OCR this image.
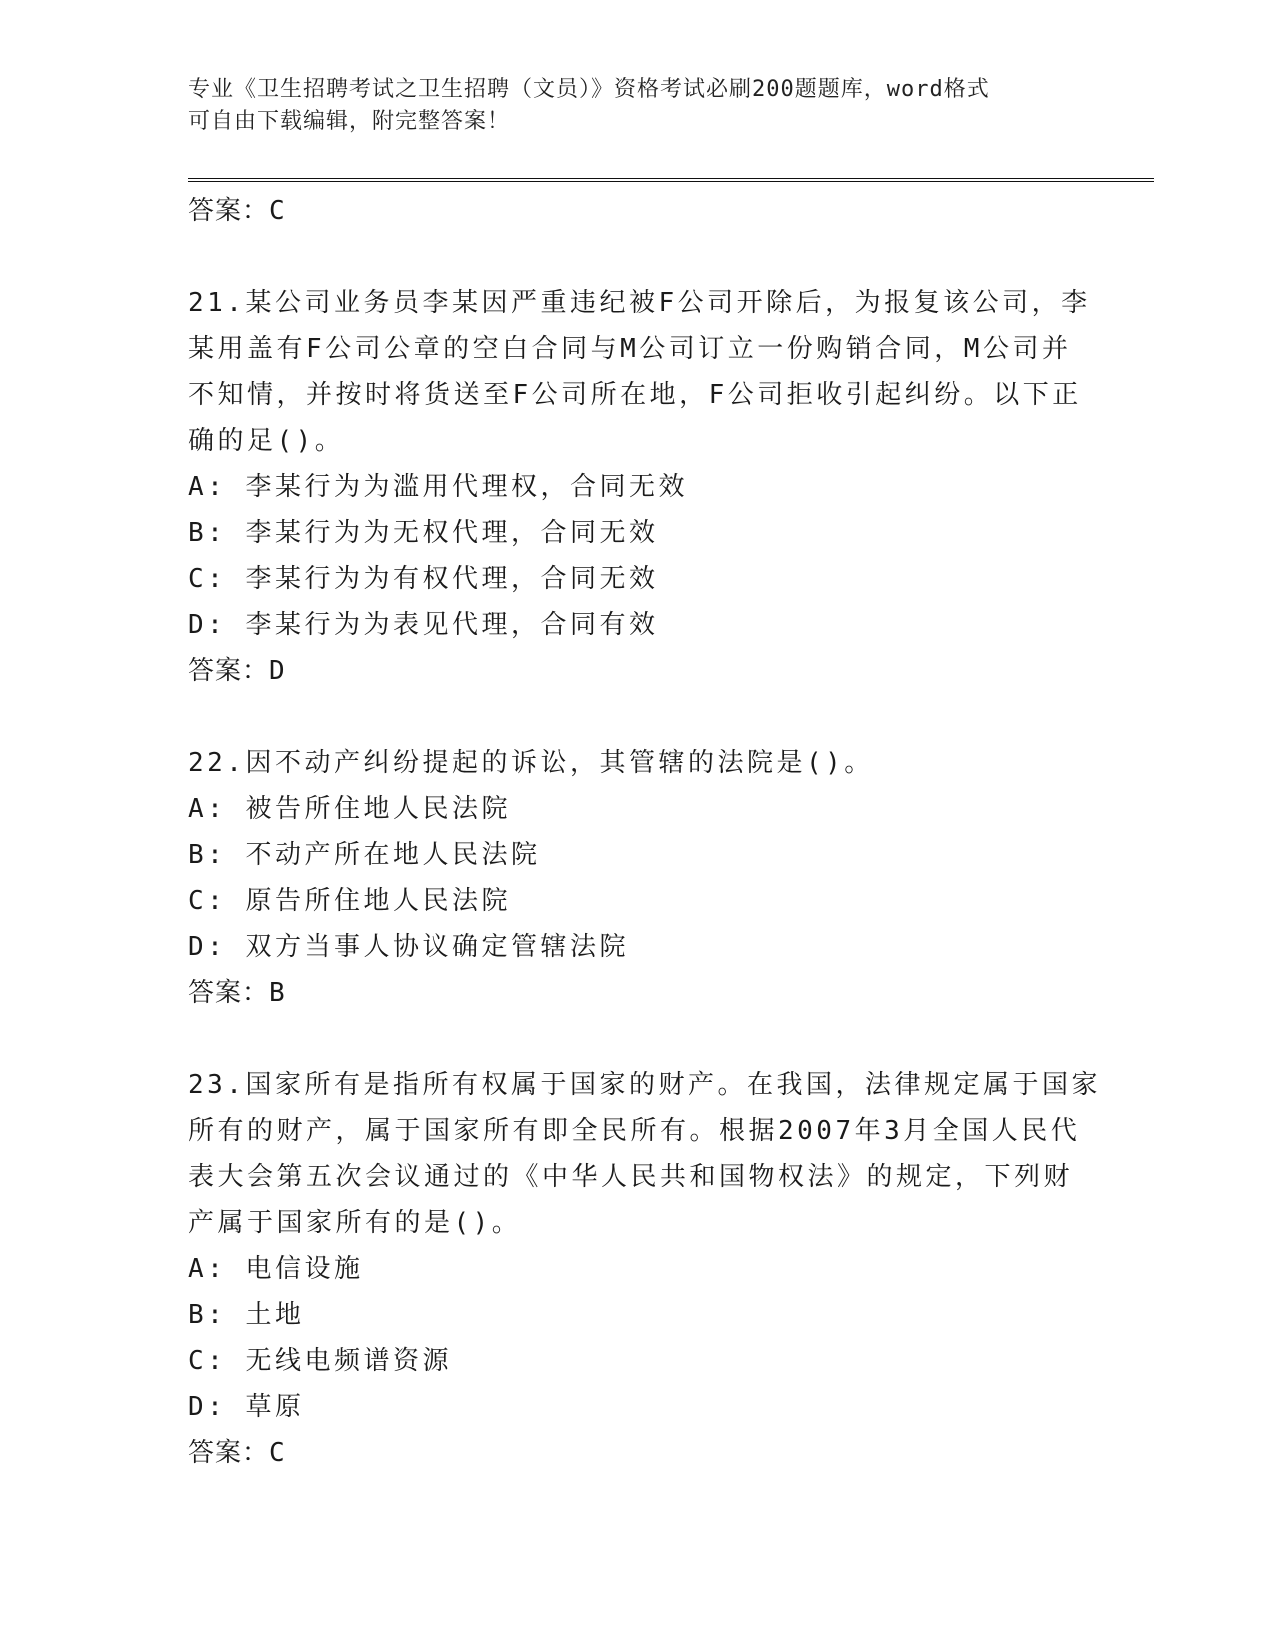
专业《卫生招聘考试之卫生招聘（文员）》资格考试必刷200题题库，word格式
可自由下载编辑，附完整答案！
答案：C
21.某公司业务员李某因严重违纪被F公司开除后，为报复该公司，李
某用盖有F公司公章的空白合同与M公司订立一份购销合同，M公司并
不知情，并按时将货送至F公司所在地，F公司拒收引起纠纷。以下正
确的足()。
A: 李某行为为滥用代理权，合同无效
B: 李某行为为无权代理，合同无效
C: 李某行为为有权代理，合同无效
D: 李某行为为表见代理，合同有效
答案：D
22.因不动产纠纷提起的诉讼，其管辖的法院是()。
A: 被告所住地人民法院
B: 不动产所在地人民法院
C: 原告所住地人民法院
D: 双方当事人协议确定管辖法院
答案：B
23.国家所有是指所有权属于国家的财产。在我国，法律规定属于国家
所有的财产，属于国家所有即全民所有。根据2007年3月全国人民代
表大会第五次会议通过的《中华人民共和国物权法》的规定，下列财
产属于国家所有的是()。
A: 电信设施
B: 土地
C: 无线电频谱资源
D: 草原
答案：C
